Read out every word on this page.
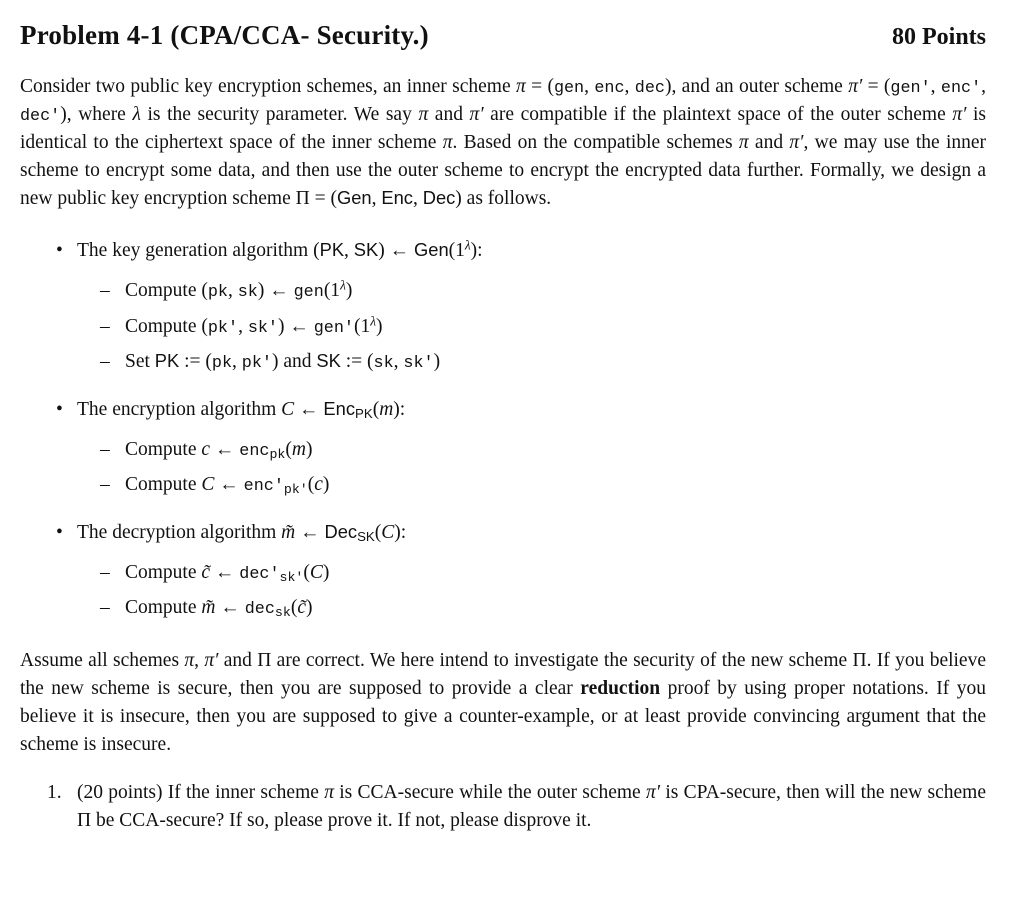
Problem 4-1 (CPA/CCA- Security.)	80 Points

Consider two public key encryption schemes, an inner scheme π = (gen, enc, dec), and an outer scheme π′ = (gen′, enc′, dec′), where λ is the security parameter. We say π and π′ are compatible if the plaintext space of the outer scheme π′ is identical to the ciphertext space of the inner scheme π. Based on the compatible schemes π and π′, we may use the inner scheme to encrypt some data, and then use the outer scheme to encrypt the encrypted data further. Formally, we design a new public key encryption scheme Π = (Gen, Enc, Dec) as follows.

• The key generation algorithm (PK, SK) ← $Gen(1^\lambda)$:
– Compute (pk, sk) ← $gen(1^\lambda)$
– Compute (pk′, sk′) ← $gen'(1^\lambda)$
– Set PK := (pk, pk′) and SK := (sk, sk′)
• The encryption algorithm C ← EncPK(m):
– Compute c ← encpk(m)
– Compute C ← enc′pk′(c)
• The decryption algorithm m̃ ← DecSK(C):
– Compute c̃ ← dec′sk′(C)
– Compute m̃ ← decsk(c̃)

Assume all schemes π, π′ and Π are correct. We here intend to investigate the security of the new scheme Π. If you believe the new scheme is secure, then you are supposed to provide a clear reduction proof by using proper notations. If you believe it is insecure, then you are supposed to give a counter-example, or at least provide convincing argument that the scheme is insecure.

1. (20 points) If the inner scheme π is CCA-secure while the outer scheme π′ is CPA-secure, then will the new scheme Π be CCA-secure? If so, please prove it. If not, please disprove it.
